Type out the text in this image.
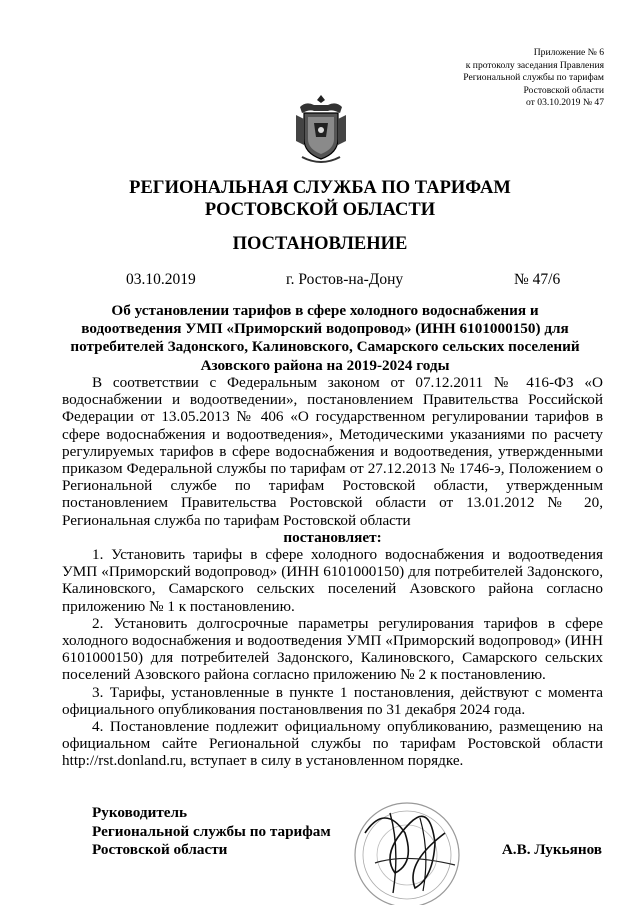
Приложение № 6
к протоколу заседания Правления
Региональной службы по тарифам
Ростовской области
от 03.10.2019 № 47
РЕГИОНАЛЬНАЯ СЛУЖБА ПО ТАРИФАМ
РОСТОВСКОЙ ОБЛАСТИ
ПОСТАНОВЛЕНИЕ
03.10.2019	г. Ростов-на-Дону	№ 47/6
Об установлении тарифов в сфере холодного водоснабжения и водоотведения УМП «Приморский водопровод» (ИНН 6101000150) для потребителей Задонского, Калиновского, Самарского сельских поселений Азовского района на 2019-2024 годы

В соответствии с Федеральным законом от 07.12.2011 № 416-ФЗ «О водоснабжении и водоотведении», постановлением Правительства Российской Федерации от 13.05.2013 № 406 «О государственном регулировании тарифов в сфере водоснабжения и водоотведения», Методическими указаниями по расчету регулируемых тарифов в сфере водоснабжения и водоотведения, утвержденными приказом Федеральной службы по тарифам от 27.12.2013 № 1746-э, Положением о Региональной службе по тарифам Ростовской области, утвержденным постановлением Правительства Ростовской области от 13.01.2012 № 20, Региональная служба по тарифам Ростовской области

постановляет:

1. Установить тарифы в сфере холодного водоснабжения и водоотведения УМП «Приморский водопровод» (ИНН 6101000150) для потребителей Задонского, Калиновского, Самарского сельских поселений Азовского района согласно приложению № 1 к постановлению.

2. Установить долгосрочные параметры регулирования тарифов в сфере холодного водоснабжения и водоотведения УМП «Приморский водопровод» (ИНН 6101000150) для потребителей Задонского, Калиновского, Самарского сельских поселений Азовского района согласно приложению № 2 к постановлению.

3. Тарифы, установленные в пункте 1 постановления, действуют с момента официального опубликования постановлвения по 31 декабря 2024 года.

4. Постановление подлежит официальному опубликованию, размещению на официальном сайте Региональной службы по тарифам Ростовской области http://rst.donland.ru, вступает в силу в установленном порядке.

Руководитель
Региональной службы по тарифам
Ростовской области	А.В. Лукьянов
